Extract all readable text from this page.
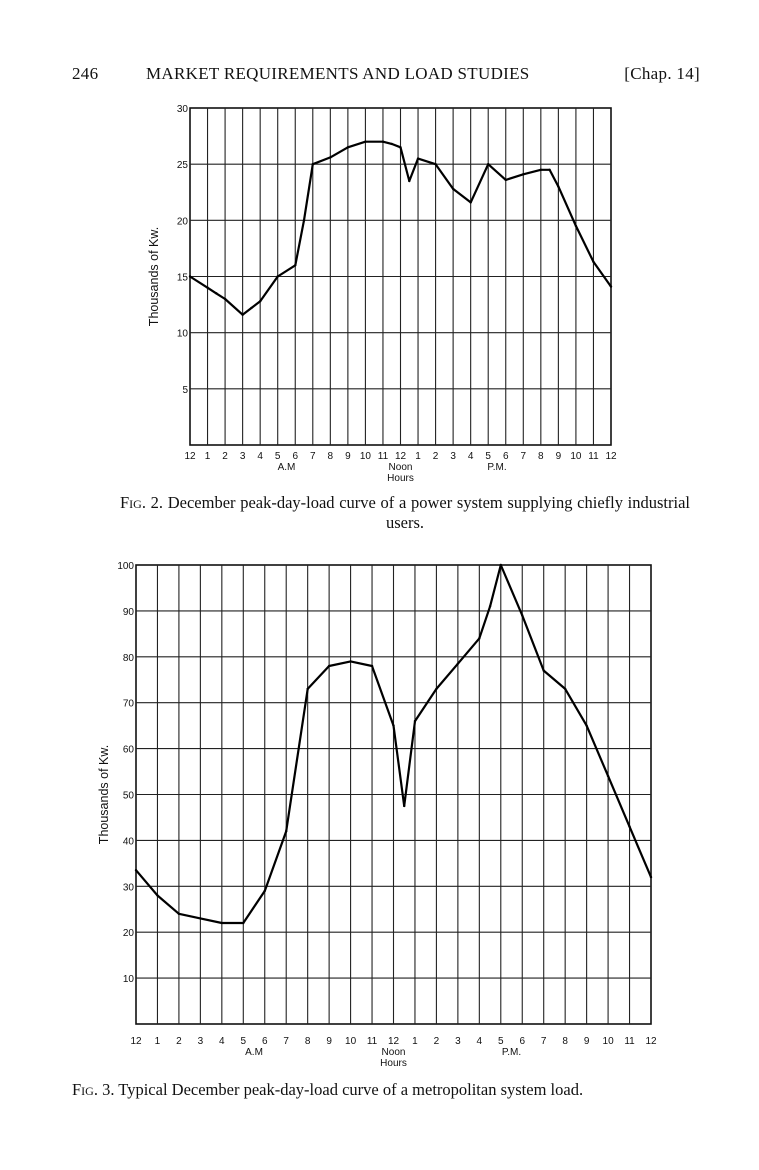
246	MARKET REQUIREMENTS AND LOAD STUDIES	[Chap. 14]
5
10
15
20
25
30
12 1 2 3 4 5 6 7 8 9 10 11 12 1 2 3 4 5 6 7 8 9 10 11 12
A.M	Noon	P.M.
Hours
Thousands of Kw.
10
20
30
40
50
60
70
80
90
100
12 1 2 3 4 5 6 7 8 9 10 11 12 1 2 3 4 5 6 7 8 9 10 11 12
A.M	Noon	P.M.
Hours
Thousands of Kw.
Fig. 2. December peak-day-load curve of a power system supplying chiefly industrial users.
Fig. 3. Typical December peak-day-load curve of a metropolitan system load.
